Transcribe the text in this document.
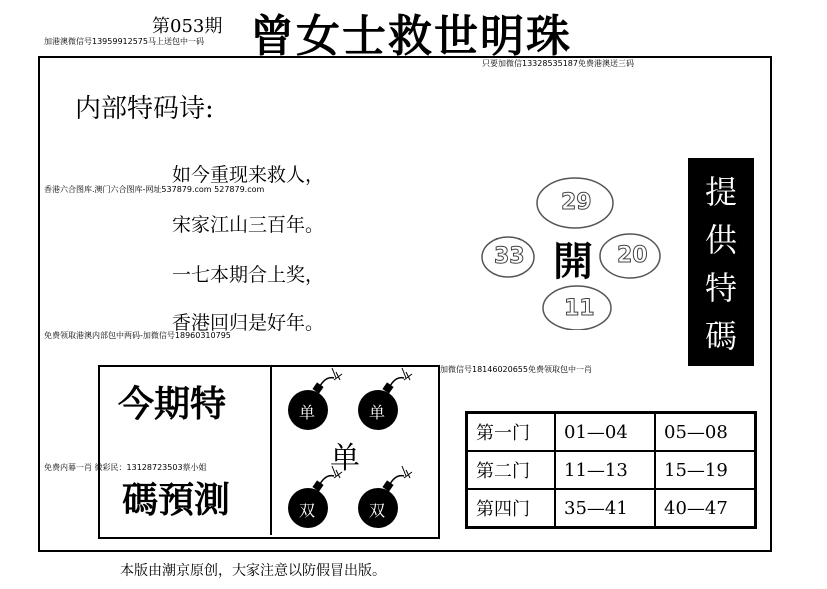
第053期 曾女士救世明珠
加港澳微信号13959912575马上送包中一码
只要加微信13328535187免费港澳送三码
内部特码诗:
如今重现来救人，
宋家江山三百年。
一七本期合上奖，
香港回归是好年。
香港六合图库.澳门六合图库-网址537879.com 527879.com
免费领取港澳内部包中两码-加微信号18960310795
加微信号18146020655免费领取包中一肖
免费内幕一肖 微彩民：13128723503蔡小姐
29
33	20
11
開
提
供
特
碼
今期特
碼預測
单	单
双	双
单
第一门	01—04	05—08
第二门	11—13	15—19
第四门	35—41	40—47
本版由潮京原创，大家注意以防假冒出版。
